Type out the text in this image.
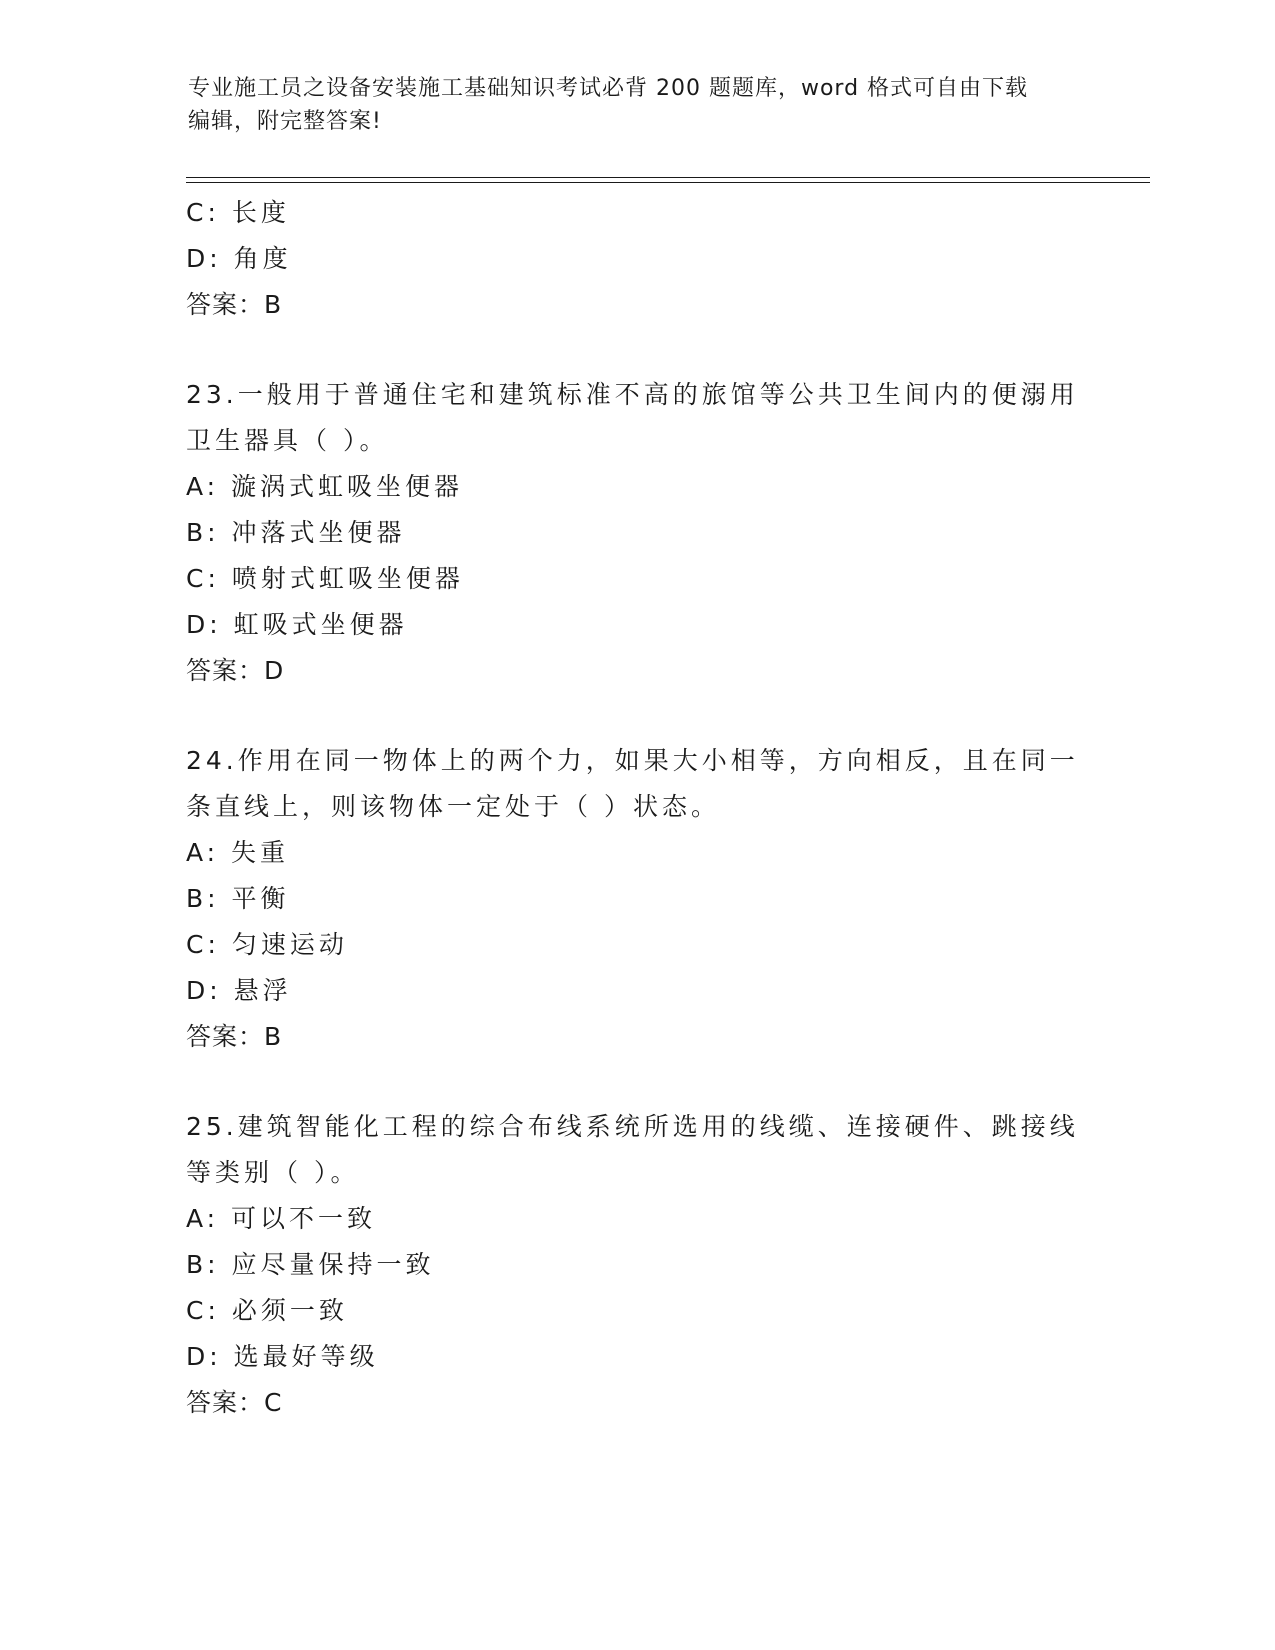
专业施工员之设备安装施工基础知识考试必背 200 题题库，word 格式可自由下载
编辑，附完整答案!
C: 长度
D: 角度
答案：B
23.一般用于普通住宅和建筑标准不高的旅馆等公共卫生间内的便溺用
卫生器具（ ）。
A: 漩涡式虹吸坐便器
B: 冲落式坐便器
C: 喷射式虹吸坐便器
D: 虹吸式坐便器
答案：D
24.作用在同一物体上的两个力，如果大小相等，方向相反，且在同一
条直线上，则该物体一定处于（ ）状态。
A: 失重
B: 平衡
C: 匀速运动
D: 悬浮
答案：B
25.建筑智能化工程的综合布线系统所选用的线缆、连接硬件、跳接线
等类别（ ）。
A: 可以不一致
B: 应尽量保持一致
C: 必须一致
D: 选最好等级
答案：C
